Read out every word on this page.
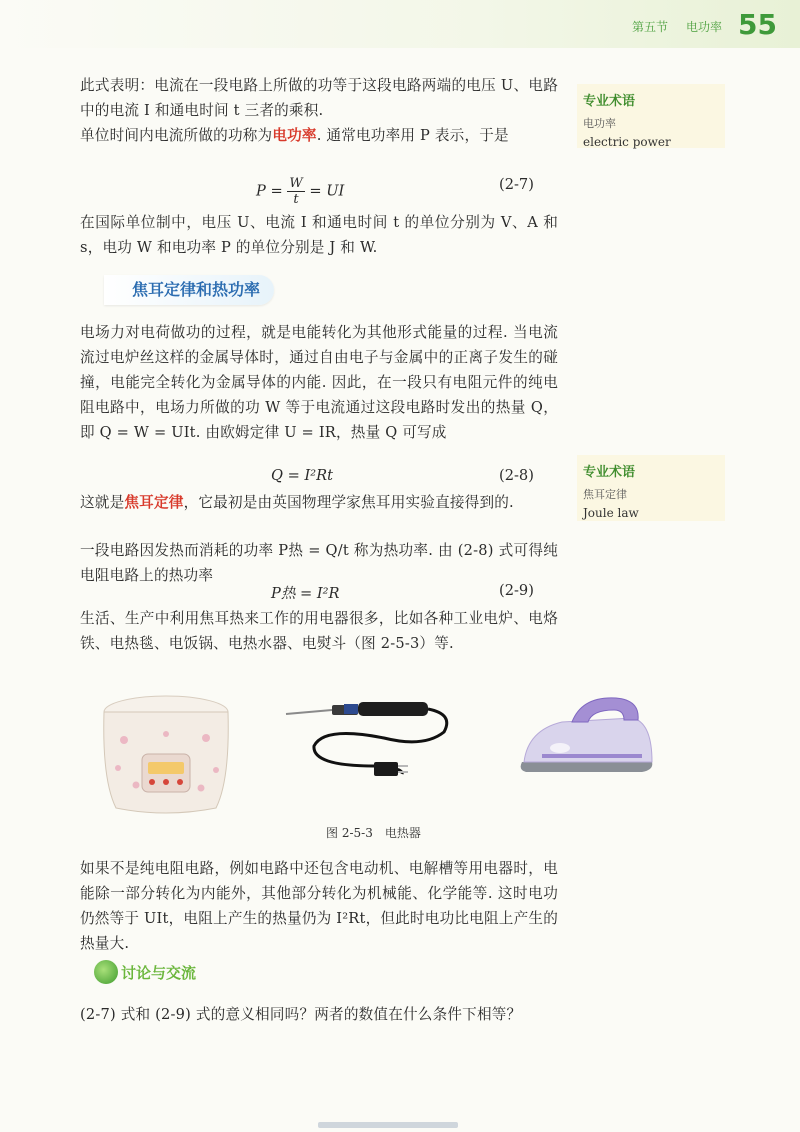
第五节 电功率 55
此式表明：电流在一段电路上所做的功等于这段电路两端的电压 U、电路中的电流 I 和通电时间 t 三者的乘积.
单位时间内电流所做的功称为电功率. 通常电功率用 P 表示，于是
$P = \frac{W}{t}$ = UI	(2-7)
在国际单位制中，电压 U、电流 I 和通电时间 t 的单位分别为 V、A 和 s，电功 W 和电功率 P 的单位分别是 J 和 W.
焦耳定律和热功率
电场力对电荷做功的过程，就是电能转化为其他形式能量的过程. 当电流流过电炉丝这样的金属导体时，通过自由电子与金属中的正离子发生的碰撞，电能完全转化为金属导体的内能. 因此，在一段只有电阻元件的纯电阻电路中，电场力所做的功 W 等于电流通过这段电路时发出的热量 Q，即 Q = W = UIt. 由欧姆定律 U = IR，热量 Q 可写成
Q = I²Rt	(2-8)
这就是焦耳定律，它最初是由英国物理学家焦耳用实验直接得到的.
一段电路因发热而消耗的功率 P热 = Q/t 称为热功率. 由 (2-8) 式可得纯电阻电路上的热功率
P热 = I²R	(2-9)
生活、生产中利用焦耳热来工作的用电器很多，比如各种工业电炉、电烙铁、电热毯、电饭锅、电热水器、电熨斗（图 2-5-3）等.
图 2-5-3　电热器
如果不是纯电阻电路，例如电路中还包含电动机、电解槽等用电器时，电能除一部分转化为内能外，其他部分转化为机械能、化学能等. 这时电功仍然等于 UIt，电阻上产生的热量仍为 I²Rt，但此时电功比电阻上产生的热量大.
讨论与交流
(2-7) 式和 (2-9) 式的意义相同吗？两者的数值在什么条件下相等？
专业术语
电功率
electric power
专业术语
焦耳定律
Joule law
